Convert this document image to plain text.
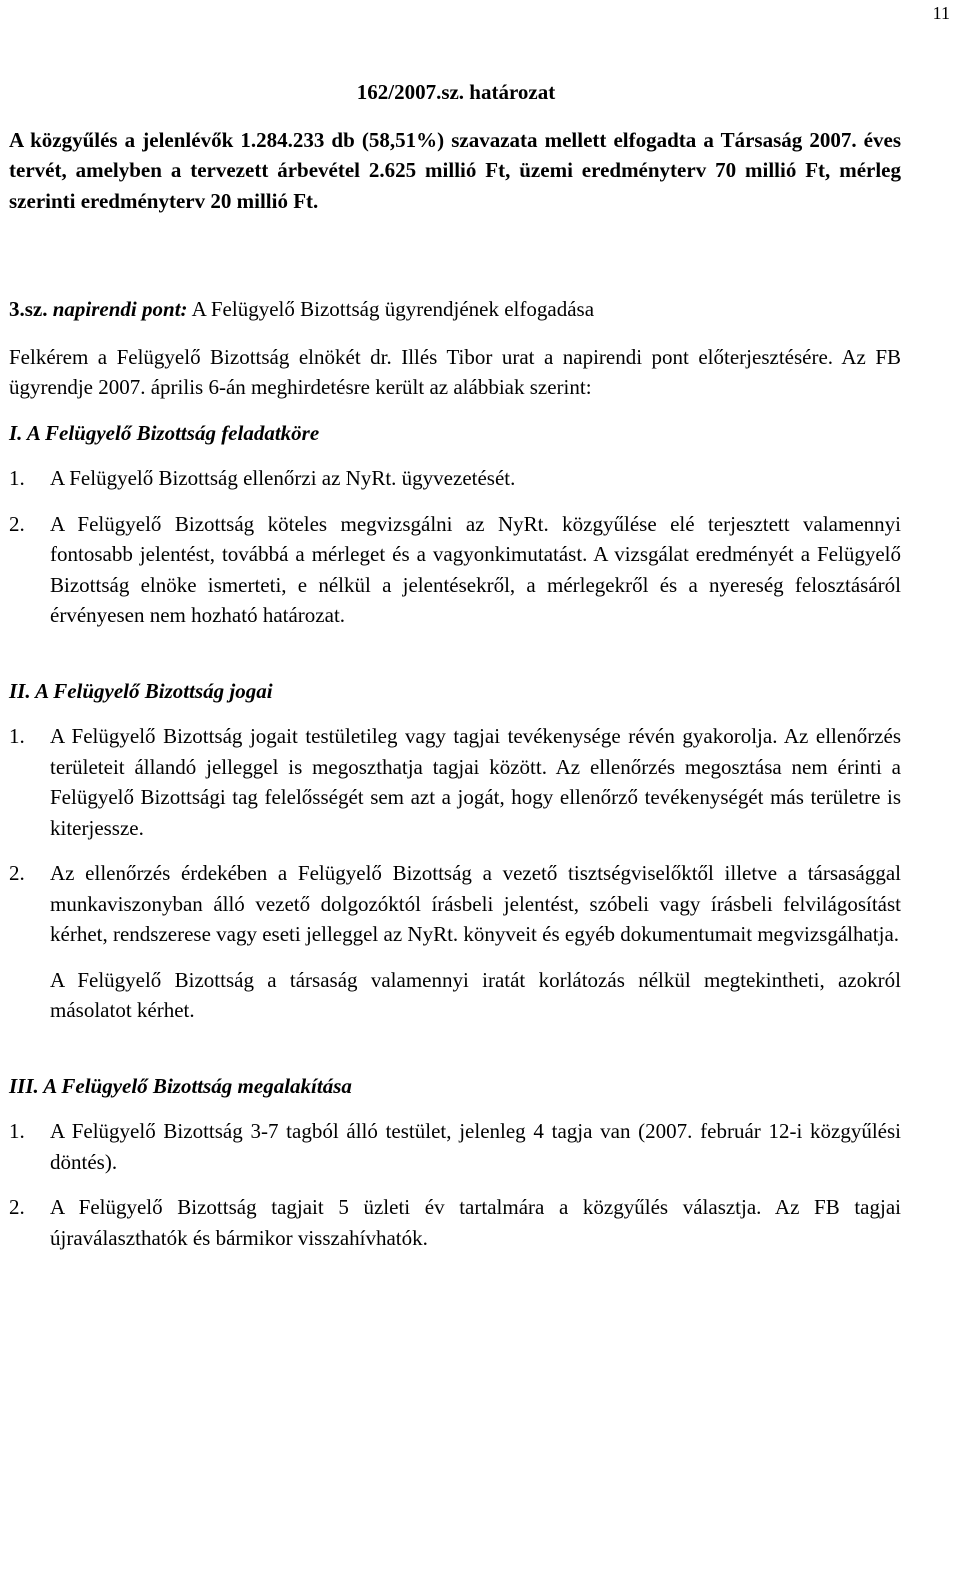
11
162/2007.sz. határozat

A közgyűlés a jelenlévők 1.284.233 db (58,51%) szavazata mellett elfogadta a Társaság 2007. éves tervét, amelyben a tervezett árbevétel 2.625 millió Ft, üzemi eredményterv 70 millió Ft, mérleg szerinti eredményterv 20 millió Ft.

3.sz. napirendi pont: A Felügyelő Bizottság ügyrendjének elfogadása

Felkérem a Felügyelő Bizottság elnökét dr. Illés Tibor urat a napirendi pont előterjesztésére. Az FB ügyrendje 2007. április 6-án meghirdetésre került az alábbiak szerint:

I. A Felügyelő Bizottság feladatköre
1.	A Felügyelő Bizottság ellenőrzi az NyRt. ügyvezetését.
2.	A Felügyelő Bizottság köteles megvizsgálni az NyRt. közgyűlése elé terjesztett valamennyi fontosabb jelentést, továbbá a mérleget és a vagyonkimutatást. A vizsgálat eredményét a Felügyelő Bizottság elnöke ismerteti, e nélkül a jelentésekről, a mérlegekről és a nyereség felosztásáról érvényesen nem hozható határozat.
II. A Felügyelő Bizottság jogai
1.	A Felügyelő Bizottság jogait testületileg vagy tagjai tevékenysége révén gyakorolja. Az ellenőrzés területeit állandó jelleggel is megoszthatja tagjai között. Az ellenőrzés megosztása nem érinti a Felügyelő Bizottsági tag felelősségét sem azt a jogát, hogy ellenőrző tevékenységét más területre is kiterjessze.
2.	Az ellenőrzés érdekében a Felügyelő Bizottság a vezető tisztségviselőktől illetve a társasággal munkaviszonyban álló vezető dolgozóktól írásbeli jelentést, szóbeli vagy írásbeli felvilágosítást kérhet, rendszerese vagy eseti jelleggel az NyRt. könyveit és egyéb dokumentumait megvizsgálhatja.

A Felügyelő Bizottság a társaság valamennyi iratát korlátozás nélkül megtekintheti, azokról másolatot kérhet.

III. A Felügyelő Bizottság megalakítása
1.	A Felügyelő Bizottság 3-7 tagból álló testület, jelenleg 4 tagja van (2007. február 12-i közgyűlési döntés).
2.	A Felügyelő Bizottság tagjait 5 üzleti év tartalmára a közgyűlés választja. Az FB tagjai újraválaszthatók és bármikor visszahívhatók.
